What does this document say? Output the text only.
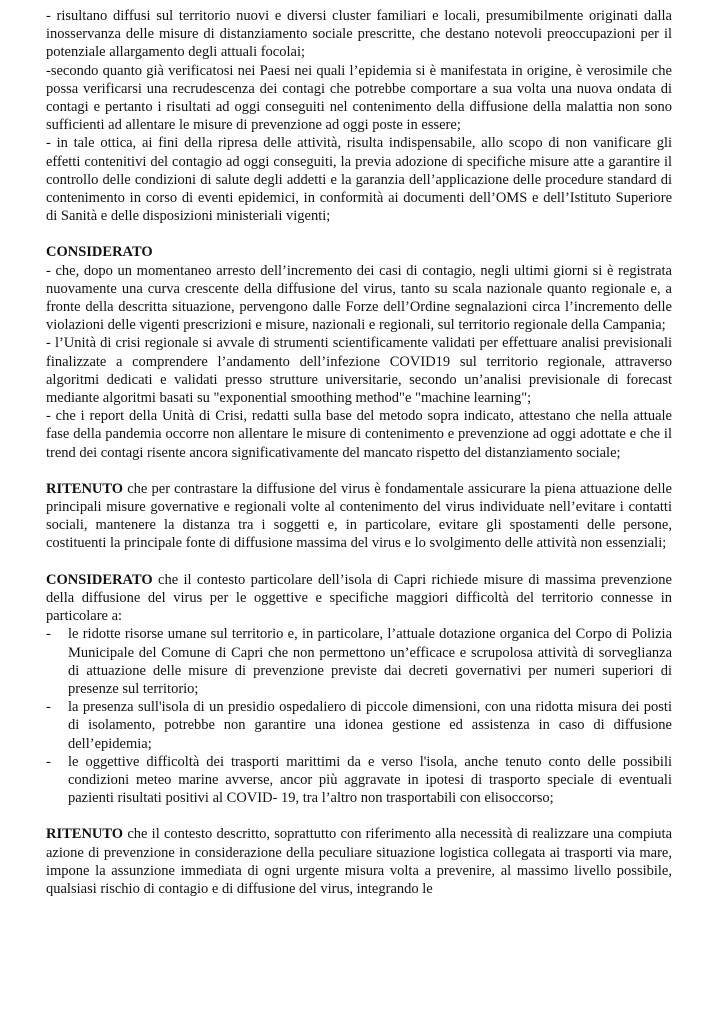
- risultano diffusi sul territorio nuovi e diversi cluster familiari e locali, presumibilmente originati dalla inosservanza delle misure di distanziamento sociale prescritte, che destano notevoli preoccupazioni per il potenziale allargamento degli attuali focolai;

-secondo quanto già verificatosi nei Paesi nei quali l’epidemia si è manifestata in origine, è verosimile che possa verificarsi una recrudescenza dei contagi che potrebbe comportare a sua volta una nuova ondata di contagi e pertanto i risultati ad oggi conseguiti nel contenimento della diffusione della malattia non sono sufficienti ad allentare le misure di prevenzione ad oggi poste in essere;

- in tale ottica, ai fini della ripresa delle attività, risulta indispensabile, allo scopo di non vanificare gli effetti contenitivi del contagio ad oggi conseguiti, la previa adozione di specifiche misure atte a garantire il controllo delle condizioni di salute degli addetti e la garanzia dell’applicazione delle procedure standard di contenimento in corso di eventi epidemici, in conformità ai documenti dell’OMS e dell’Istituto Superiore di Sanità e delle disposizioni ministeriali vigenti;

CONSIDERATO

- che, dopo un momentaneo arresto dell’incremento dei casi di contagio, negli ultimi giorni si è registrata nuovamente una curva crescente della diffusione del virus, tanto su scala nazionale quanto regionale e, a fronte della descritta situazione, pervengono dalle Forze dell’Ordine segnalazioni circa l’incremento delle violazioni delle vigenti prescrizioni e misure, nazionali e regionali, sul territorio regionale della Campania;

- l’Unità di crisi regionale si avvale di strumenti scientificamente validati per effettuare analisi previsionali finalizzate a comprendere l’andamento dell’infezione COVID19 sul territorio regionale, attraverso algoritmi dedicati e validati presso strutture universitarie, secondo un’analisi previsionale di forecast mediante algoritmi basati su "exponential smoothing method"e "machine learning";

- che i report della Unità di Crisi, redatti sulla base del metodo sopra indicato, attestano che nella attuale fase della pandemia occorre non allentare le misure di contenimento e prevenzione ad oggi adottate e che il trend dei contagi risente ancora significativamente del mancato rispetto del distanziamento sociale;

RITENUTO che per contrastare la diffusione del virus è fondamentale assicurare la piena attuazione delle principali misure governative e regionali volte al contenimento del virus individuate nell’evitare i contatti sociali, mantenere la distanza tra i soggetti e, in particolare, evitare gli spostamenti delle persone, costituenti la principale fonte di diffusione massima del virus e lo svolgimento delle attività non essenziali;

CONSIDERATO che il contesto particolare dell’isola di Capri richiede misure di massima prevenzione della diffusione del virus per le oggettive e specifiche maggiori difficoltà del territorio connesse in particolare a:

- le ridotte risorse umane sul territorio e, in particolare, l’attuale dotazione organica del Corpo di Polizia Municipale del Comune di Capri che non permettono un’efficace e scrupolosa attività di sorveglianza di attuazione delle misure di prevenzione previste dai decreti governativi per numeri superiori di presenze sul territorio;
- la presenza sull'isola di un presidio ospedaliero di piccole dimensioni, con una ridotta misura dei posti di isolamento, potrebbe non garantire una idonea gestione ed assistenza in caso di diffusione dell’epidemia;
- le oggettive difficoltà dei trasporti marittimi da e verso l'isola, anche tenuto conto delle possibili condizioni meteo marine avverse, ancor più aggravate in ipotesi di trasporto speciale di eventuali pazienti risultati positivi al COVID- 19, tra l’altro non trasportabili con elisoccorso;

RITENUTO che il contesto descritto, soprattutto con riferimento alla necessità di realizzare una compiuta azione di prevenzione in considerazione della peculiare situazione logistica collegata ai trasporti via mare, impone la assunzione immediata di ogni urgente misura volta a prevenire, al massimo livello possibile, qualsiasi rischio di contagio e di diffusione del virus, integrando le
